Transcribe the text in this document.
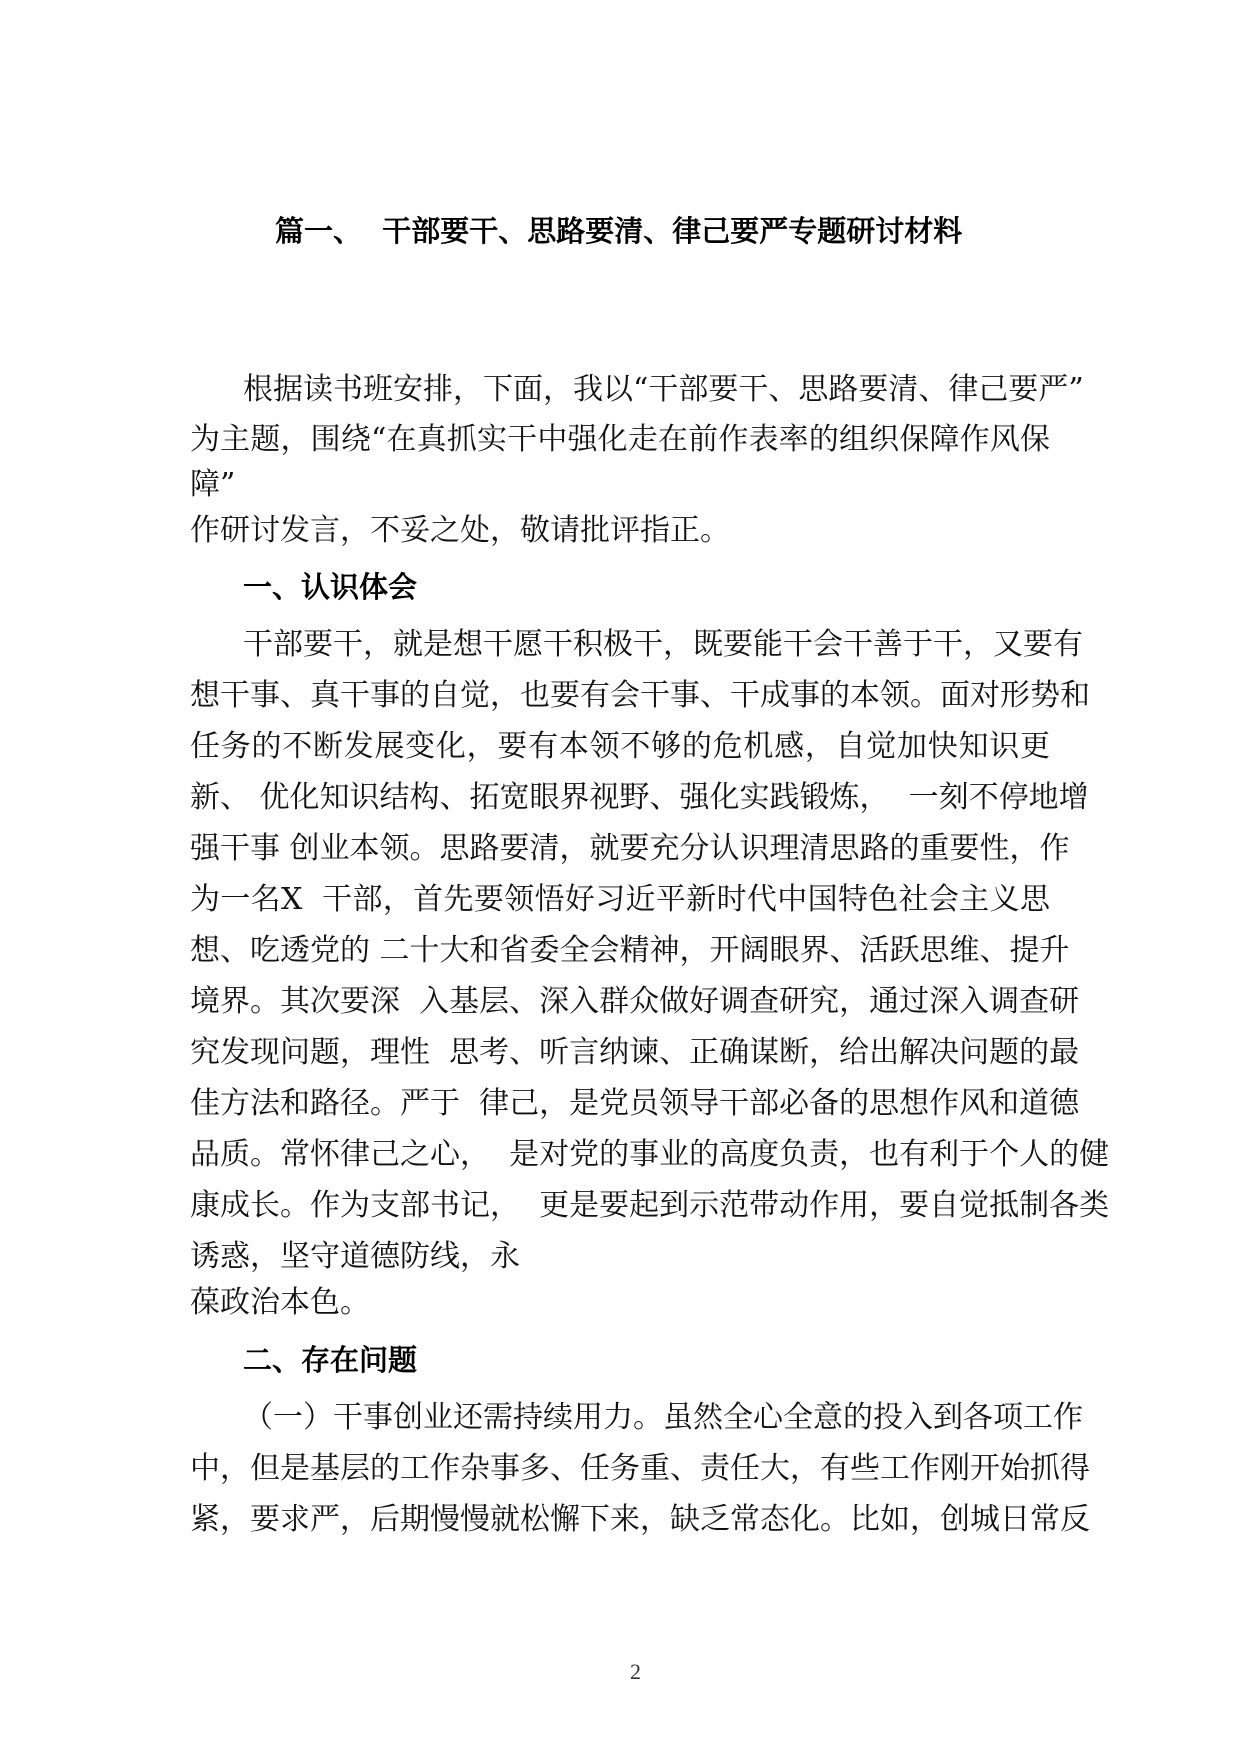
篇一、  干部要干、思路要清、律己要严专题研讨材料
根据读书班安排，下面，我以“干部要干、思路要清、律己要严”
为主题，围绕“在真抓实干中强化走在前作表率的组织保障作风保
障”
作研讨发言，不妥之处，敬请批评指正。
一、认识体会
干部要干，就是想干愿干积极干，既要能干会干善于干，又要有
想干事、真干事的自觉，也要有会干事、干成事的本领。面对形势和
任务的不断发展变化，要有本领不够的危机感，自觉加快知识更
新、 优化知识结构、拓宽眼界视野、强化实践锻炼，  一刻不停地增
强干事 创业本领。思路要清，就要充分认识理清思路的重要性，作
为一名X  干部，首先要领悟好习近平新时代中国特色社会主义思
想、吃透党的 二十大和省委全会精神，开阔眼界、活跃思维、提升
境界。其次要深  入基层、深入群众做好调查研究，通过深入调查研
究发现问题，理性  思考、听言纳谏、正确谋断，给出解决问题的最
佳方法和路径。严于  律己，是党员领导干部必备的思想作风和道德
品质。常怀律己之心，  是对党的事业的高度负责，也有利于个人的健
康成长。作为支部书记，  更是要起到示范带动作用，要自觉抵制各类
诱惑，坚守道德防线，永
葆政治本色。
二、存在问题
（一）干事创业还需持续用力。虽然全心全意的投入到各项工作
中，但是基层的工作杂事多、任务重、责任大，有些工作刚开始抓得
紧，要求严，后期慢慢就松懈下来，缺乏常态化。比如，创城日常反
2
